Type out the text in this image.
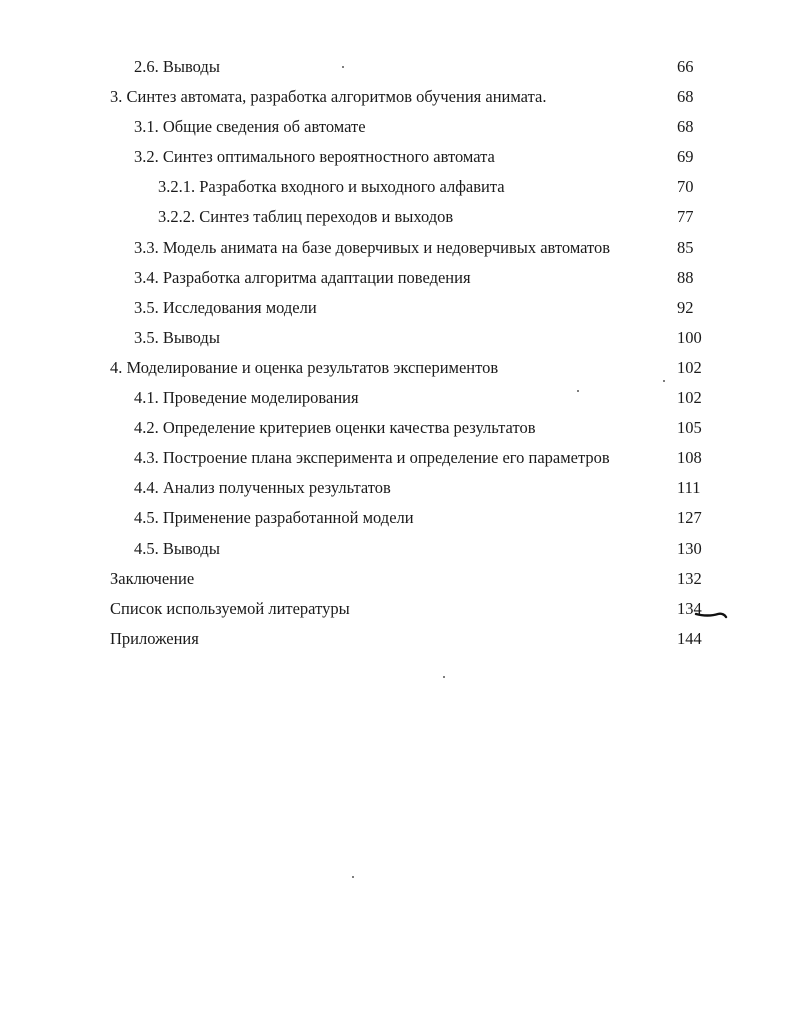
2.6. Выводы	66
3. Синтез автомата, разработка алгоритмов обучения анимата.	68
3.1. Общие сведения об автомате	68
3.2. Синтез оптимального вероятностного автомата	69
3.2.1. Разработка входного и выходного алфавита	70
3.2.2. Синтез таблиц переходов и выходов	77
3.3. Модель анимата на базе доверчивых и недоверчивых автоматов	85
3.4. Разработка алгоритма адаптации поведения	88
3.5. Исследования модели	92
3.5. Выводы	100
4. Моделирование и оценка результатов экспериментов	102
4.1. Проведение моделирования	102
4.2. Определение критериев оценки качества результатов	105
4.3. Построение плана эксперимента и определение его параметров	108
4.4. Анализ полученных результатов	111
4.5. Применение разработанной модели	127
4.5. Выводы	130
Заключение	132
Список используемой литературы	134
Приложения	144
